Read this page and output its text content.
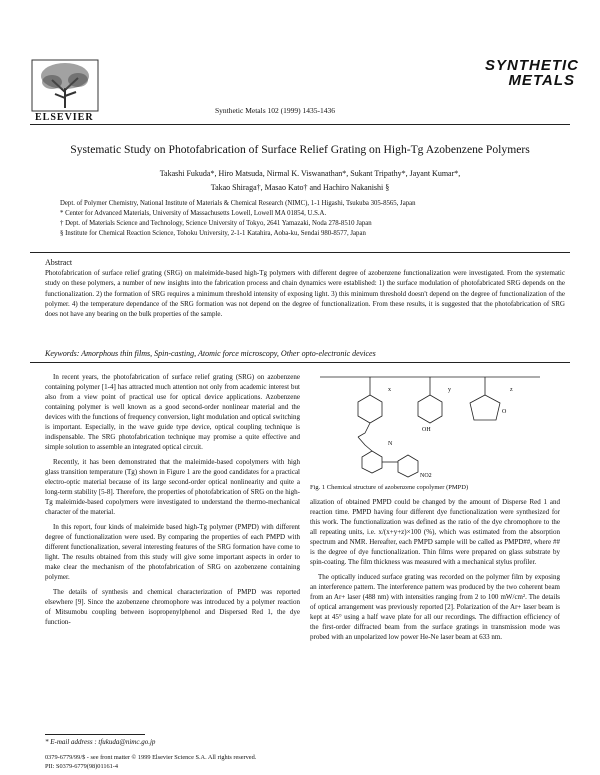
ELSEVIER
Synthetic Metals 102 (1999) 1435-1436
SYNTHETIC
METALS
Systematic Study on Photofabrication of Surface Relief Grating on High-Tg Azobenzene Polymers
Takashi Fukuda*, Hiro Matsuda, Nirmal K. Viswanathan*, Sukant Tripathy*, Jayant Kumar*,
Takao Shiraga†, Masao Kato† and Hachiro Nakanishi §
Dept. of Polymer Chemistry, National Institute of Materials & Chemical Research (NIMC), 1-1 Higashi, Tsukuba 305-8565, Japan
* Center for Advanced Materials, University of Massachusetts Lowell, Lowell MA 01854, U.S.A.
† Dept. of Materials Science and Technology, Science University of Tokyo, 2641 Yamazaki, Noda 278-8510 Japan
§ Institute for Chemical Reaction Science, Tohoku University, 2-1-1 Katahira, Aoba-ku, Sendai 980-8577, Japan
Abstract
Photofabrication of surface relief grating (SRG) on maleimide-based high-Tg polymers with different degree of azobenzene functionalization were investigated. From the systematic study on these polymers, a number of new insights into the fabrication process and chain dynamics were established: 1) the surface modulation of photofabricated SRG depends on the functionalization. 2) the formation of SRG requires a minimum threshold intensity of exposing light. 3) this minimum threshold doesn't depend on the degree of functionalization of the polymer. 4) the temperature dependance of the SRG formation was not depend on the degree of functionalization. From these results, it is suggested that the photofabrication of SRG does not have any bearing on the bulk properties of the sample.
Keywords: Amorphous thin films, Spin-casting, Atomic force microscopy, Other opto-electronic devices

In recent years, the photofabrication of surface relief grating (SRG) on azobenzene containing polymer [1-4] has attracted much attention not only from academic interest but also from a view point of practical use for optical device applications. Azobenzene containing polymer is well known as a good second-order nonlinear material and the devices with the functions of frequency conversion, light modulation and optical switching is important. Especially, in the wave guide type device, optical coupling technique is indispensable. The SRG photofabrication technique may promise a quite effective and simple solution to assemble an integrated optical circuit.

Recently, it has been demonstrated that the maleimide-based copolymers with high glass transition temperature (Tg) shown in Figure 1 are the good candidates for a practical electro-optic material because of its large second-order optical nonlinearity and quite a long-term stability [5-8]. Therefore, the properties of photofabrication of SRG on the high-Tg maleimide-based copolymers were investigated to understand the thermo-mechanical character of the material.

In this report, four kinds of maleimide based high-Tg polymer (PMPD) with different degree of functionalization were used. By comparing the properties of each PMPD with different functionalization, several interesting features of the SRG formation have come to light. The results obtained from this study will give some important aspects in order to make clear the mechanism of the photofabrication of SRG on azobenzene containing polymer.

The details of synthesis and chemical characterization of PMPD was reported elsewhere [9]. Since the azobenzene chromophore was introduced by a polymer reaction of Mitsumobu coupling between isopropenylphenol and Dispersed Red 1, the dye function-

x	y	z
OH
O
N
NO2
Fig. 1 Chemical structure of azobenzene copolymer (PMPD)

alization of obtained PMPD could be changed by the amount of Disperse Red 1 and reaction time. PMPD having four different dye functionalization were synthesized for this work. The functionalization was defined as the ratio of the dye chromophore to the all repeating units, i.e. x/(x+y+z)×100 (%), which was estimated from the absorption spectrum and NMR. Hereafter, each PMPD sample will be called as PMPD##, where ## is the degree of dye functionalization. Thin films were prepared on glass substrate by spin-coating. The film thickness was measured with a mechanical stylus profiler.

The optically induced surface grating was recorded on the polymer film by exposing an interference pattern. The interference pattern was produced by the two coherent beam from an Ar+ laser (488 nm) with intensities ranging from 2 to 100 mW/cm². The details of optical arrangement was previously reported [2]. Polarization of the Ar+ laser beam is kept at 45° using a half wave plate for all our recordings. The diffraction efficiency of the first-order diffracted beam from the surface gratings in transmission mode was probed with an unpolarized low power He-Ne laser beam at 633 nm.

* E-mail address : tfukuda@nimc.go.jp
0379-6779/99/$ - see front matter © 1999 Elsevier Science S.A. All rights reserved.
PII: S0379-6779(98)01161-4
